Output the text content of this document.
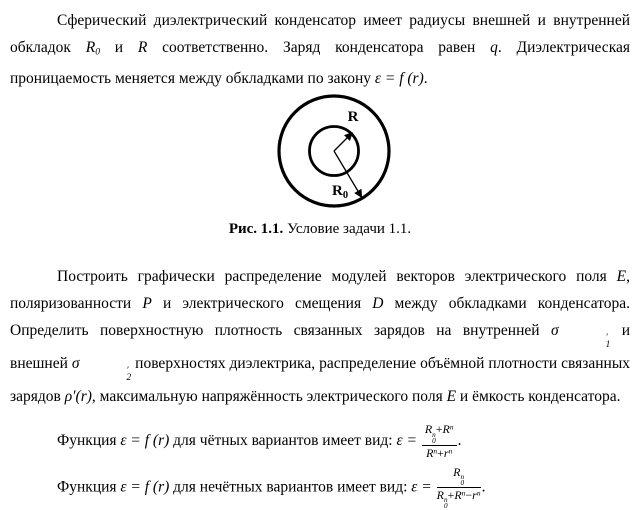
Сферический диэлектрический конденсатор имеет радиусы внешней и внутренней обкладок $R_0$ и R соответственно. Заряд конденсатора равен q. Диэлектрическая проницаемость меняется между обкладками по закону ε = f (r).

R
$R_0$
Рис. 1.1. Условие задачи 1.1.

Построить графически распределение модулей векторов электрического поля E, поляризованности P и электрического смещения D между обкладками конденсатора. Определить поверхностную плотность связанных зарядов на внутренней σ	′
1
и внешней σ	′
2
поверхностях диэлектрика, распределение объёмной плотности связанных зарядов ρ′(r), максимальную напряжённость электрического поля E и ёмкость конденсатора.

Функция ε = f (r) для чётных вариантов имеет вид: ε = R n
0
$+R^n$
$R^n+r^n$ .

Функция ε = f (r) для нечётных вариантов имеет вид: ε = R n
0
R n
0
$+R^n-r^n$ .
